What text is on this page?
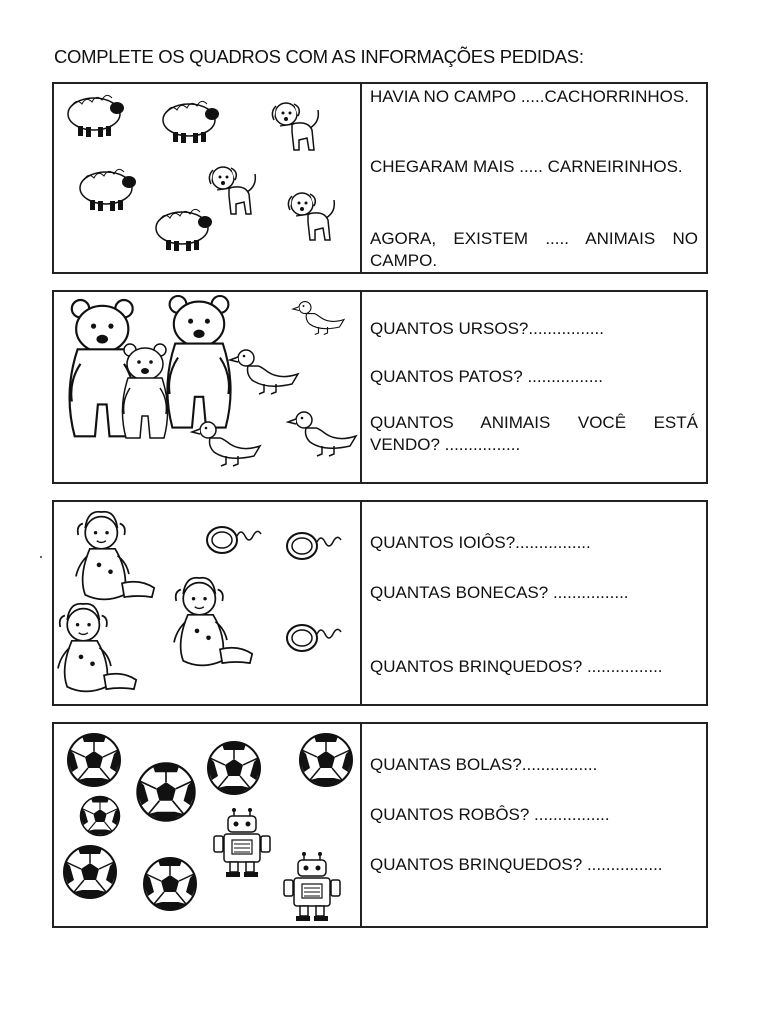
COMPLETE OS QUADROS COM AS INFORMAÇÕES PEDIDAS:
HAVIA NO CAMPO .....CACHORRINHOS.
CHEGARAM MAIS ..... CARNEIRINHOS.
AGORA, EXISTEM ..... ANIMAIS NO CAMPO.
QUANTOS URSOS?................
QUANTOS PATOS? ................
QUANTOS ANIMAIS VOCÊ ESTÁ VENDO? ................
QUANTOS IOIÔS?................
QUANTAS BONECAS? ................
QUANTOS BRINQUEDOS? ................
QUANTAS BOLAS?................
QUANTOS ROBÔS? ................
QUANTOS BRINQUEDOS? ................
